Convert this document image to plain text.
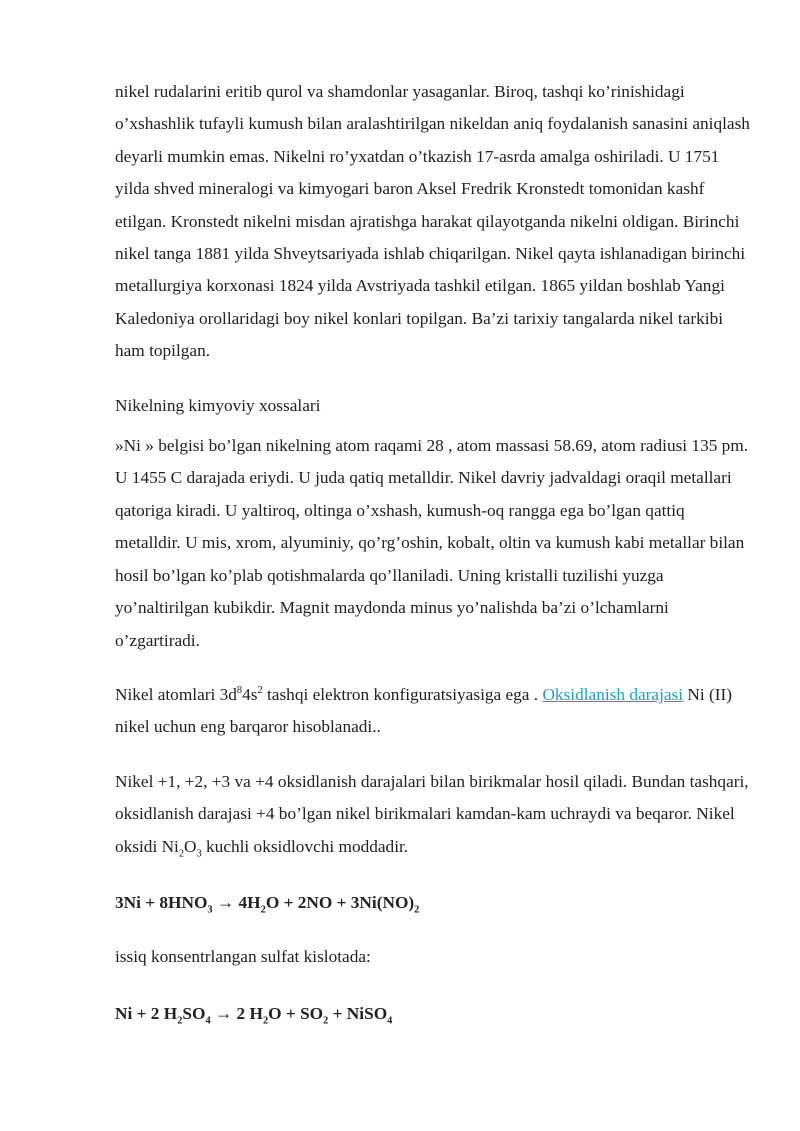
nikel rudalarini eritib qurol va shamdonlar yasaganlar. Biroq, tashqi ko’rinishidagi o’xshashlik tufayli kumush bilan aralashtirilgan nikeldan aniq foydalanish sanasini aniqlash deyarli mumkin emas. Nikelni ro’yxatdan o’tkazish 17-asrda amalga oshiriladi. U 1751 yilda shved mineralogi va kimyogari baron Aksel Fredrik Kronstedt tomonidan kashf etilgan. Kronstedt nikelni misdan ajratishga harakat qilayotganda nikelni oldigan. Birinchi nikel tanga 1881 yilda Shveytsariyada ishlab chiqarilgan. Nikel qayta ishlanadigan birinchi metallurgiya korxonasi 1824 yilda Avstriyada tashkil etilgan. 1865 yildan boshlab Yangi Kaledoniya orollaridagi boy nikel konlari topilgan. Ba’zi tarixiy tangalarda nikel tarkibi ham topilgan.

Nikelning kimyoviy xossalari

»Ni » belgisi bo’lgan nikelning atom raqami 28 , atom massasi 58.69, atom radiusi 135 pm. U 1455 C darajada eriydi. U juda qatiq metalldir. Nikel davriy jadvaldagi oraqil metallari qatoriga kiradi. U yaltiroq, oltinga o’xshash, kumush-oq rangga ega bo’lgan qattiq metalldir. U mis, xrom, alyuminiy, qo’rg’oshin, kobalt, oltin va kumush kabi metallar bilan hosil bo’lgan ko’plab qotishmalarda qo’llaniladi. Uning kristalli tuzilishi yuzga yo’naltirilgan kubikdir. Magnit maydonda minus yo’nalishda ba’zi o’lchamlarni o’zgartiradi.

Nikel atomlari $3d^84s^2$ tashqi elektron konfiguratsiyasiga ega . Oksidlanish darajasi Ni (II) nikel uchun eng barqaror hisoblanadi..

Nikel +1, +2, +3 va +4 oksidlanish darajalari bilan birikmalar hosil qiladi. Bundan tashqari, oksidlanish darajasi +4 bo’lgan nikel birikmalari kamdan-kam uchraydi va beqaror. Nikel oksidi $Ni_2O_3$ kuchli oksidlovchi moddadir.

$3Ni + 8HNO_3 \to 4H_2O + 2NO + 3Ni(NO)_2$

issiq konsentrlangan sulfat kislotada:

Ni + 2 $H_2SO_4 \to 2$ $H_2O + SO_2$ + NiSO$_4$
